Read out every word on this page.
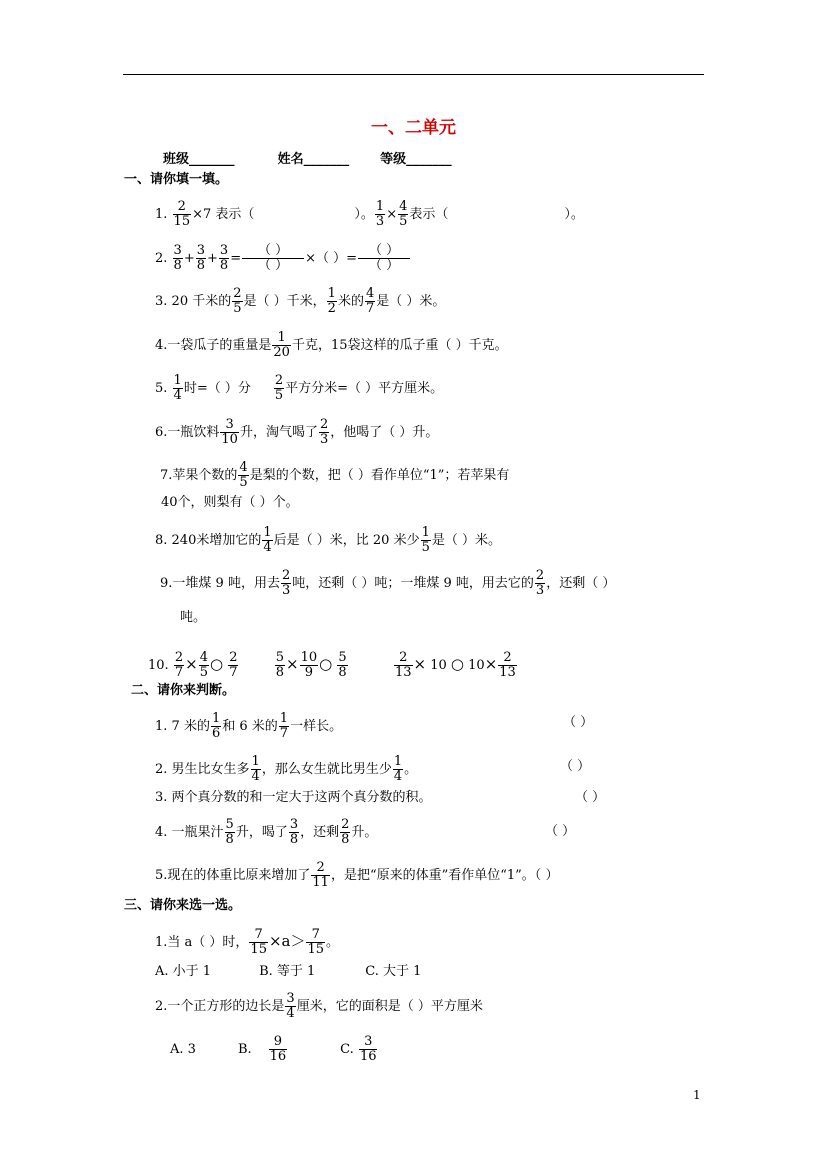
一、二单元
班级_______	姓名_______ 等级_______
一、请你填一填。
1. $\frac{2}{15} \times 7$ 表示（	）。 $\frac{1}{3} \times \frac{4}{5}$ 表示（	）。
2. $\frac{3}{8} + \frac{3}{8} + \frac{3}{8} = \frac{( )}{( )}$ ×（ ）= $\frac{( )}{( )}$
3. 20 千米的 $\frac{2}{5}$ 是（ ）千米， $\frac{1}{2}$ 米的 $\frac{4}{7}$ 是（ ）米。
4.一袋瓜子的重量是 $\frac{1}{20}$ 千克，15袋这样的瓜子重（ ）千克。
5. $\frac{1}{4}$ 时=（ ）分 $\frac{2}{5}$ 平方分米=（ ）平方厘米。
6.一瓶饮料 $\frac{3}{10}$ 升，淘气喝了 $\frac{2}{3}$ ，他喝了（ ）升。
7.苹果个数的 $\frac{4}{5}$ 是梨的个数，把（ ）看作单位“1”；若苹果有
40个，则梨有（ ）个。
8. 240米增加它的 $\frac{1}{4}$ 后是（ ）米，比 20 米少 $\frac{1}{5}$ 是（ ）米。
9.一堆煤 9 吨，用去 $\frac{2}{3}$ 吨，还剩（ ）吨；一堆煤 9 吨，用去它的 $\frac{2}{3}$ ，还剩（ ）
吨。
10. $\frac{2}{7} \times \frac{4}{5}$ ○ $\frac{2}{7}$
	$\frac{5}{8} \times \frac{10}{9}$ ○ $\frac{5}{8}$
	$\frac{2}{13} \times 10$ ○ $10\times \frac{2}{13}$
二、请你来判断。
1. 7 米的 $\frac{1}{6}$ 和 6 米的 $\frac{1}{7}$ 一样长。	（ ）
2. 男生比女生多 $\frac{1}{4}$ ，那么女生就比男生少 $\frac{1}{4}$ 。	（ ）
3. 两个真分数的和一定大于这两个真分数的积。	（ ）
4. 一瓶果汁 $\frac{5}{8}$ 升，喝了 $\frac{3}{8}$ ，还剩 $\frac{2}{8}$ 升。	（ ）
5.现在的体重比原来增加了 $\frac{2}{11}$ ，是把“原来的体重”看作单位“1”。（ ）
三、请你来选一选。
1.当 a（ ）时， $\frac{7}{15} \times a> \frac{7}{15}$ 。
A. 小于 1	B. 等于 1	C. 大于 1
2.一个正方形的边长是 $\frac{3}{4}$ 厘米，它的面积是（ ）平方厘米
A. 3	B. $\frac{9}{16}$	C. $\frac{3}{16}$
1
